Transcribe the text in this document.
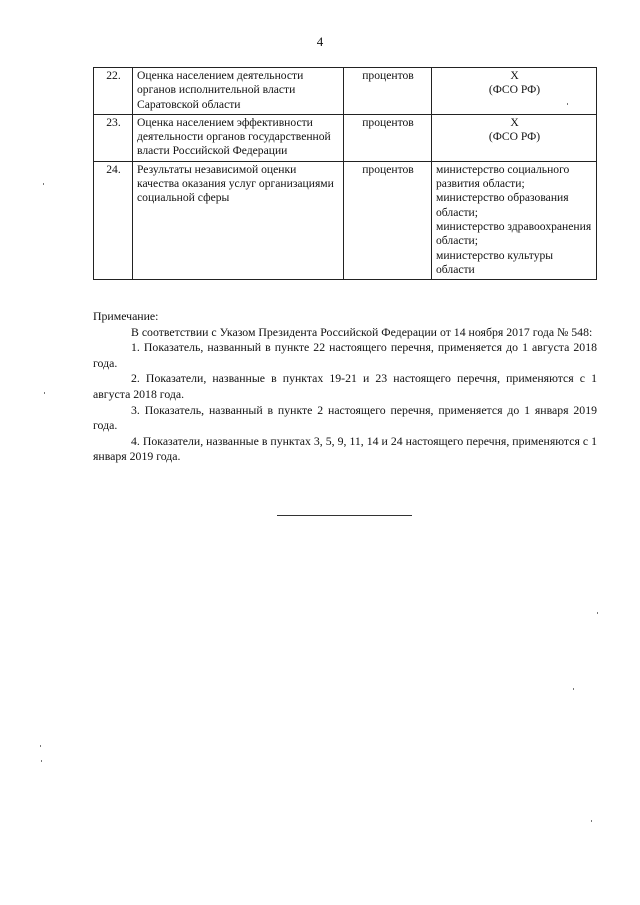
4
22.	Оценка населением деятельности органов исполнительной власти Саратовской области	процентов	Х
(ФСО РФ)

23.	Оценка населением эффективности деятельности органов государственной власти Российской Федерации	процентов	Х
(ФСО РФ)

24.	Результаты независимой оценки качества оказания услуг организациями социальной сферы	процентов	министерство социального развития области;
министерство образования области;
министерство здравоохранения области;
министерство культуры области
Примечание:
В соответствии с Указом Президента Российской Федерации от 14 ноября 2017 года № 548:
1. Показатель, названный в пункте 22 настоящего перечня, применяется до 1 августа 2018 года.
2. Показатели, названные в пунктах 19-21 и 23 настоящего перечня, применяются с 1 августа 2018 года.
3. Показатель, названный в пункте 2 настоящего перечня, применяется до 1 января 2019 года.
4. Показатели, названные в пунктах 3, 5, 9, 11, 14 и 24 настоящего перечня, применяются с 1 января 2019 года.
